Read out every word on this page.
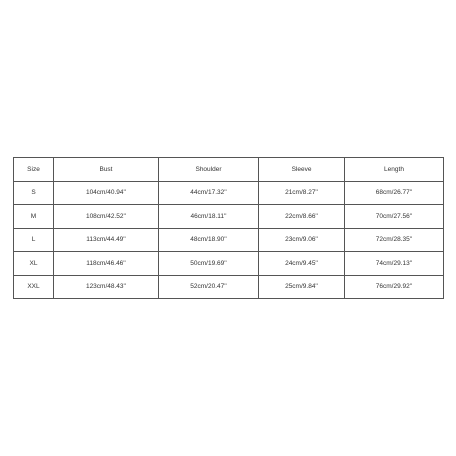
Size	Bust	Shoulder	Sleeve	Length
S	104cm/40.94''	44cm/17.32''	21cm/8.27''	68cm/26.77''
M	108cm/42.52''	46cm/18.11''	22cm/8.66''	70cm/27.56''
L	113cm/44.49''	48cm/18.90''	23cm/9.06''	72cm/28.35''
XL	118cm/46.46''	50cm/19.69''	24cm/9.45''	74cm/29.13''
XXL	123cm/48.43''	52cm/20.47''	25cm/9.84''	76cm/29.92''
